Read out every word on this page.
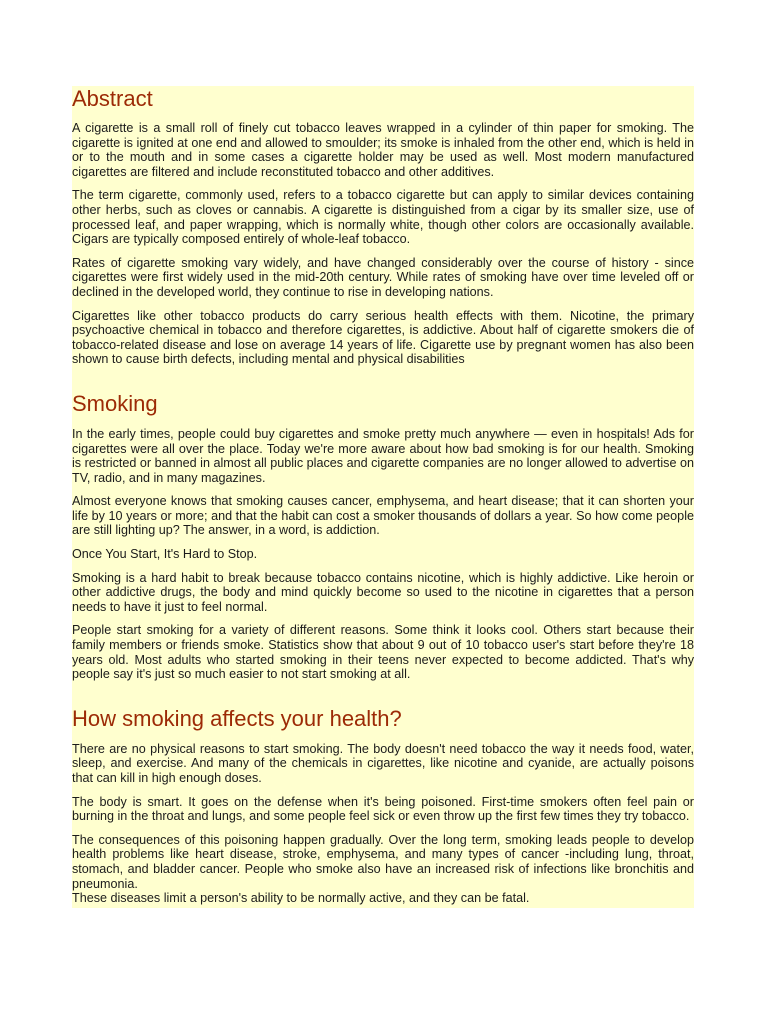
Abstract

A cigarette is a small roll of finely cut tobacco leaves wrapped in a cylinder of thin paper for smoking. The cigarette is ignited at one end and allowed to smoulder; its smoke is inhaled from the other end, which is held in or to the mouth and in some cases a cigarette holder may be used as well. Most modern manufactured cigarettes are filtered and include reconstituted tobacco and other additives.

The term cigarette, commonly used, refers to a tobacco cigarette but can apply to similar devices containing other herbs, such as cloves or cannabis. A cigarette is distinguished from a cigar by its smaller size, use of processed leaf, and paper wrapping, which is normally white, though other colors are occasionally available. Cigars are typically composed entirely of whole-leaf tobacco.

Rates of cigarette smoking vary widely, and have changed considerably over the course of history - since cigarettes were first widely used in the mid-20th century. While rates of smoking have over time leveled off or declined in the developed world, they continue to rise in developing nations.

Cigarettes like other tobacco products do carry serious health effects with them. Nicotine, the primary psychoactive chemical in tobacco and therefore cigarettes, is addictive. About half of cigarette smokers die of tobacco-related disease and lose on average 14 years of life. Cigarette use by pregnant women has also been shown to cause birth defects, including mental and physical disabilities

Smoking

In the early times, people could buy cigarettes and smoke pretty much anywhere — even in hospitals! Ads for cigarettes were all over the place. Today we're more aware about how bad smoking is for our health. Smoking is restricted or banned in almost all public places and cigarette companies are no longer allowed to advertise on TV, radio, and in many magazines.

Almost everyone knows that smoking causes cancer, emphysema, and heart disease; that it can shorten your life by 10 years or more; and that the habit can cost a smoker thousands of dollars a year. So how come people are still lighting up? The answer, in a word, is addiction.

Once You Start, It's Hard to Stop.

Smoking is a hard habit to break because tobacco contains nicotine, which is highly addictive. Like heroin or other addictive drugs, the body and mind quickly become so used to the nicotine in cigarettes that a person needs to have it just to feel normal.

People start smoking for a variety of different reasons. Some think it looks cool. Others start because their family members or friends smoke. Statistics show that about 9 out of 10 tobacco user's start before they're 18 years old. Most adults who started smoking in their teens never expected to become addicted. That's why people say it's just so much easier to not start smoking at all.

How smoking affects your health?

There are no physical reasons to start smoking. The body doesn't need tobacco the way it needs food, water, sleep, and exercise. And many of the chemicals in cigarettes, like nicotine and cyanide, are actually poisons that can kill in high enough doses.

The body is smart. It goes on the defense when it's being poisoned. First-time smokers often feel pain or burning in the throat and lungs, and some people feel sick or even throw up the first few times they try tobacco.

The consequences of this poisoning happen gradually. Over the long term, smoking leads people to develop health problems like heart disease, stroke, emphysema, and many types of cancer -including lung, throat, stomach, and bladder cancer. People who smoke also have an increased risk of infections like bronchitis and pneumonia.

These diseases limit a person's ability to be normally active, and they can be fatal.
